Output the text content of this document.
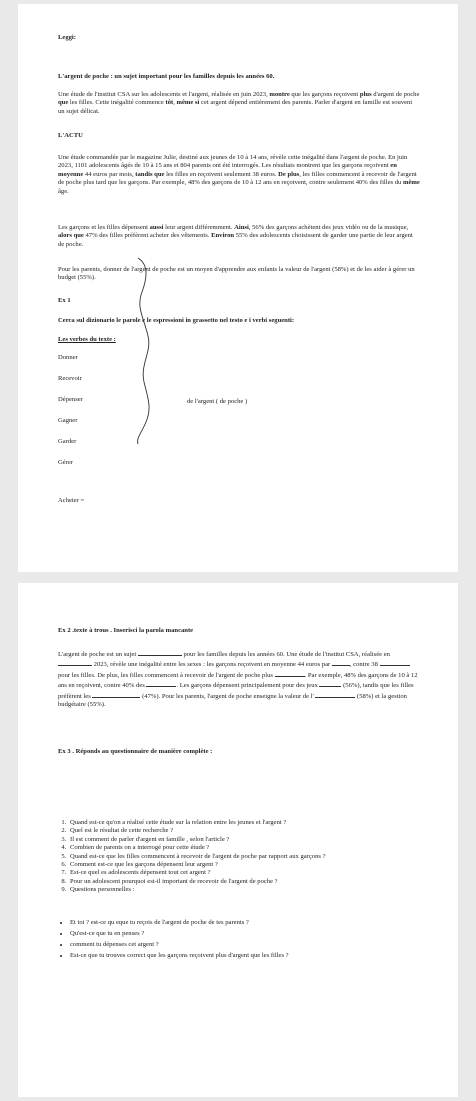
Leggi:
L'argent de poche : un sujet important pour les familles depuis les années 60.
Une étude de l'institut CSA sur les adolescents et l'argent, réalisée en juin 2023, montre que les garçons reçoivent plus d'argent de poche que les filles. Cette inégalité commence tôt, même si cet argent dépend entièrement des parents. Parler d'argent en famille est souvent un sujet délicat.
L'ACTU
Une étude commandée par le magazine Julie, destiné aux jeunes de 10 à 14 ans, révèle cette inégalité dans l'argent de poche. En juin 2023, 1101 adolescents âgés de 10 à 15 ans et 804 parents ont été interrogés. Les résultats montrent que les garçons reçoivent en moyenne 44 euros par mois, tandis que les filles en reçoivent seulement 38 euros. De plus, les filles commencent à recevoir de l'argent de poche plus tard que les garçons. Par exemple, 48% des garçons de 10 à 12 ans en reçoivent, contre seulement 40% des filles du même âge.
Les garçons et les filles dépensent aussi leur argent différemment. Ainsi, 56% des garçons achètent des jeux vidéo ou de la musique, alors que 47% des filles préfèrent acheter des vêtements. Environ 55% des adolescents choisissent de garder une partie de leur argent de poche.
Pour les parents, donner de l'argent de poche est un moyen d'apprendre aux enfants la valeur de l'argent (58%) et de les aider à gérer un budget (55%).
Ex 1
Cerca sul dizionario le parole e le espressioni in grassetto nel testo e i verbi seguenti:
Les verbes du texte :
Donner
Recevoir
Dépenser
Gagner
Garder
Gérer
de l'argent ( de poche )
Acheter =
Ex 2 .texte à trous . Inserisci la parola mancante
L'argent de poche est un sujet	pour les familles depuis les années 60. Une étude de l'institut CSA, réalisée en  2023, révèle une inégalité entre les sexes : les garçons reçoivent en moyenne 44 euros par	, contre 38  pour les filles. De plus, les filles commencent à recevoir de l'argent de poche plus	. Par exemple, 48% des garçons de 10 à 12 ans en reçoivent, contre 40% des	. Les garçons dépensent principalement pour des jeux	(56%), tandis que les filles préfèrent les	(47%). Pour les parents, l'argent de poche enseigne la valeur de l'	(58%) et la gestion budgétaire (55%).
Ex 3 . Réponds au questionnaire de manière complète :
1. Quand est-ce qu'on a réalisé cette étude sur la relation entre les jeunes et l'argent ?
2. Quel est le résultat de cette recherche ?
3. Il est comment de parler d'argent en famille , selon l'article ?
4. Combien de parents on a interrogé pour cette étude ?
5. Quand est-ce que les filles commencent à recevoir de l'argent de poche par rapport aux garçons ?
6. Comment est-ce que les garçons dépensent leur argent ?
7. Est-ce quel es adolescents dépensent tout cet argent ?
8. Pour un adolescent pourquoi est-il important de recevoir de l'argent de poche ?
9. Questions personnelles :
• Et toi ? est-ce qu eque tu reçois de l'argent de poche de tes parents ?
• Qu'est-ce que tu en penses ?
• comment tu dépenses cet argent ?
• Est-ce que tu trouves correct que les garçons reçoivent plus d'argent que les filles ?
